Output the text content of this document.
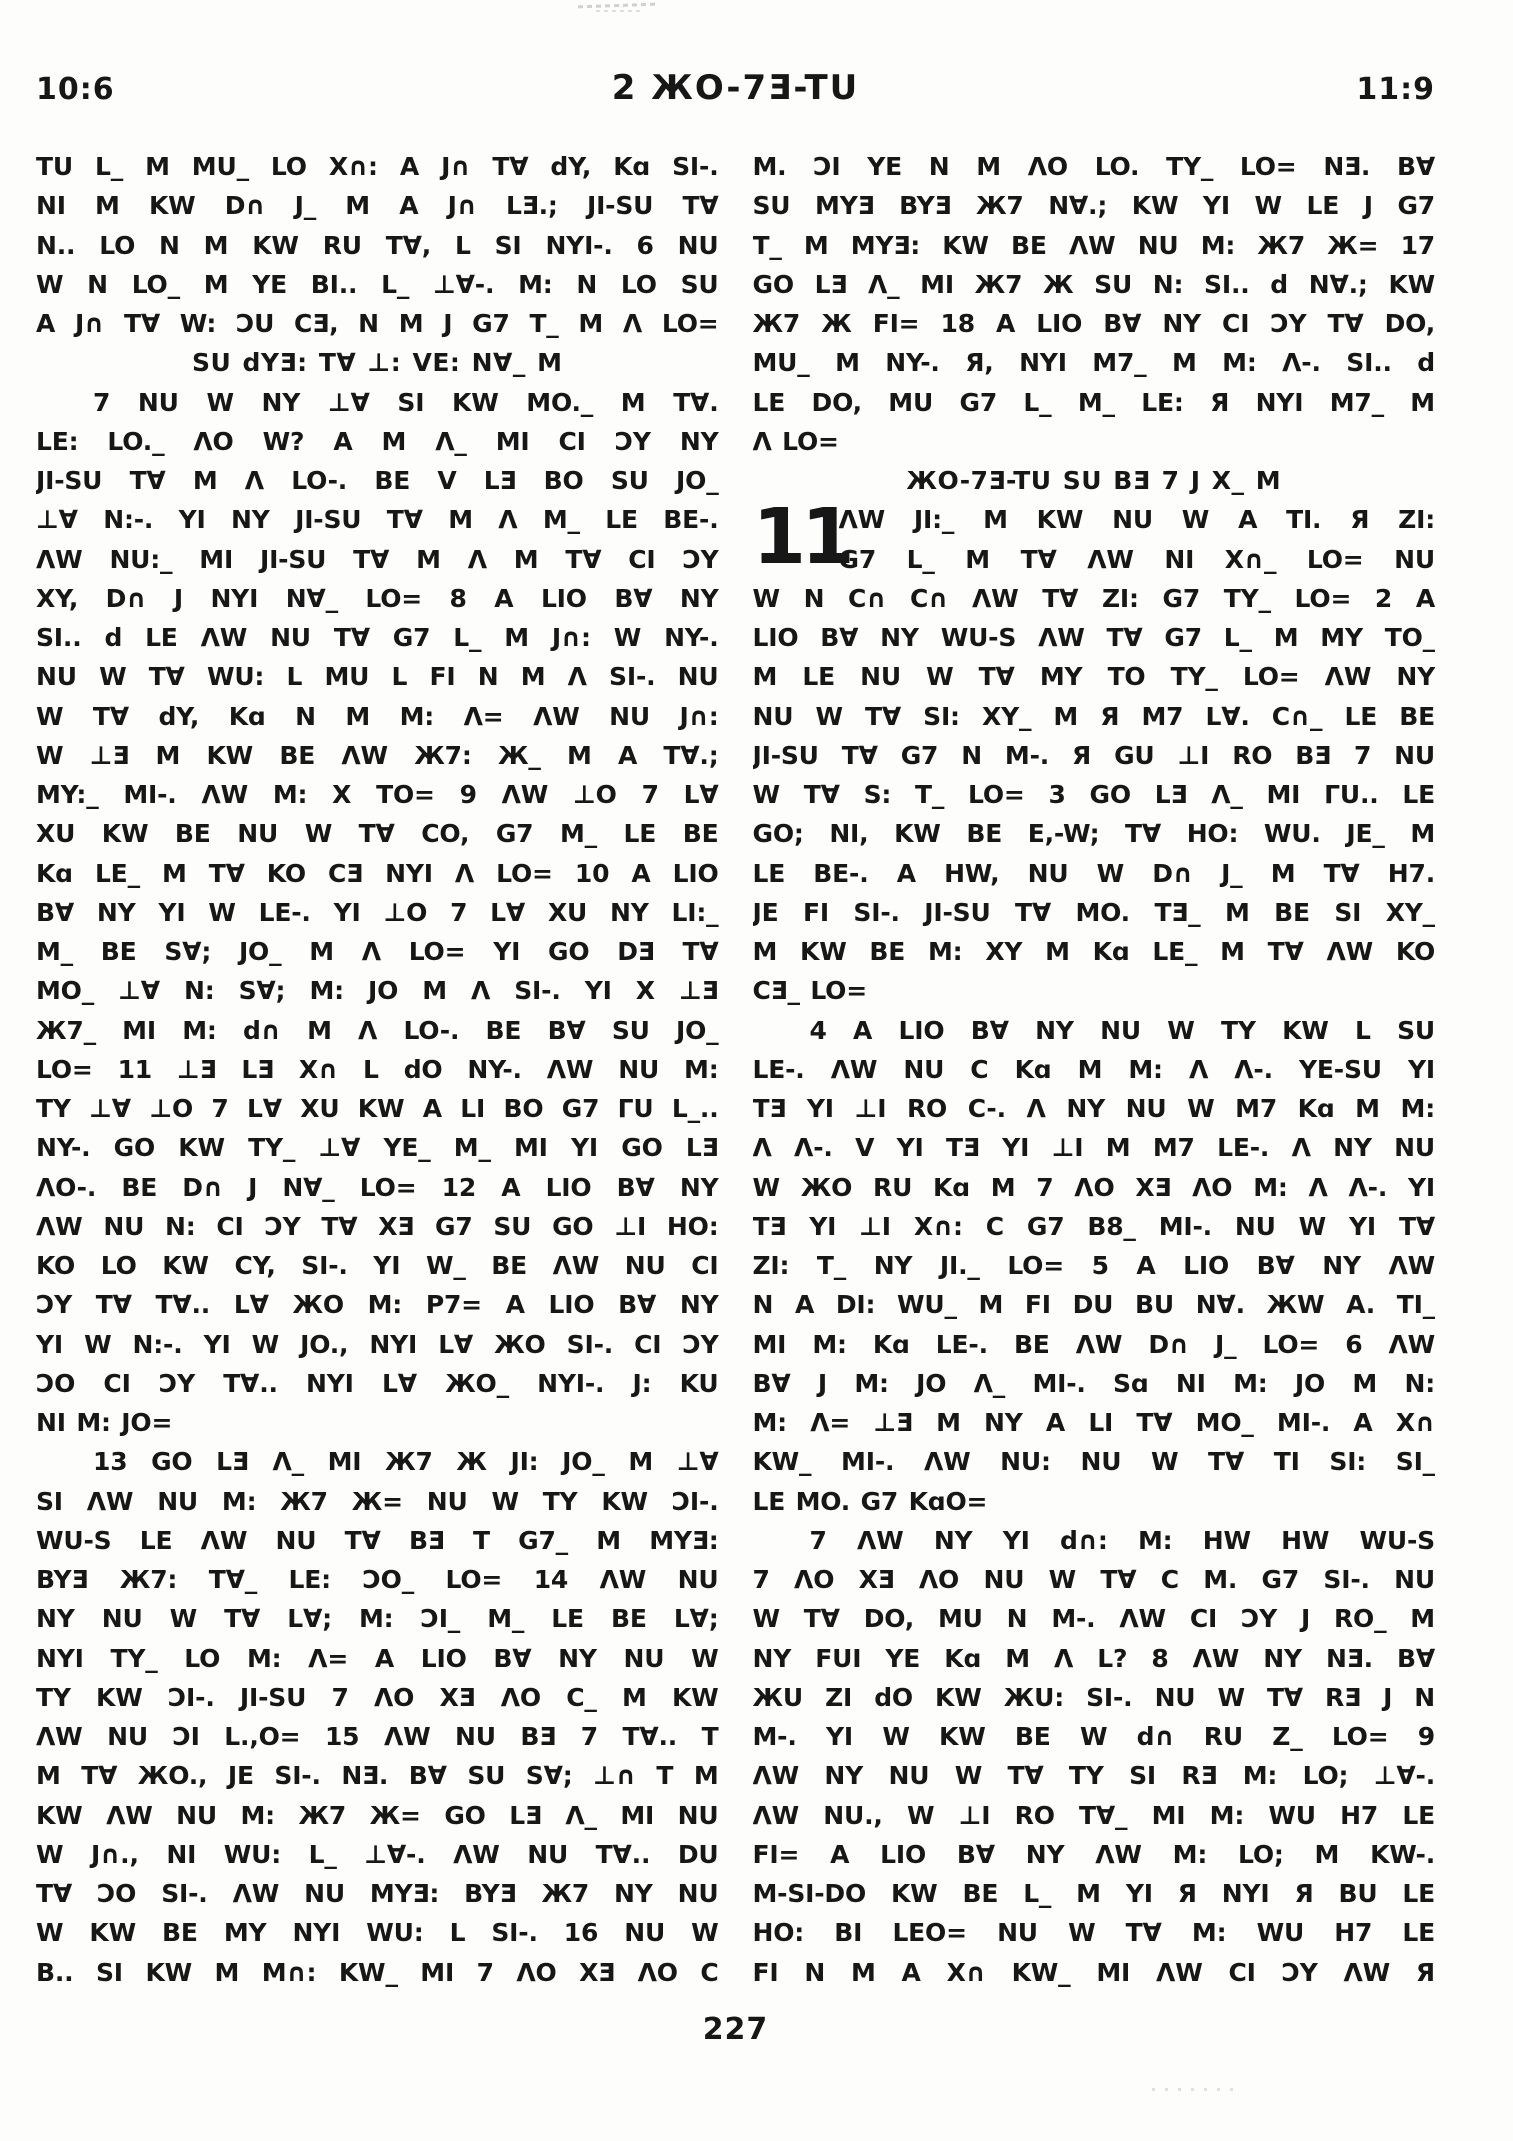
10:6	2 ЖO-7Ǝ-TU	11:9
TU L_ M MU_ LO X∩: A J∩ T∀ dY, Kɑ SI-.
NI M KW D∩ J_ M A J∩ LƎ.; JI-SU T∀
N.. LO N M KW RU T∀, L SI NYI-. 6 NU
W N LO_ M YE BI.. L_ ⊥∀-. M: N LO SU
A J∩ T∀ W: ƆU CƎ, N M J G7 T_ M Λ LO=
SU dYƎ: T∀ ⊥: VE: N∀_ M
7 NU W NY ⊥∀ SI KW MO._ M T∀.
LE: LO._ ΛO W? A M Λ_ MI CI ƆY NY
JI-SU T∀ M Λ LO-. BE V LƎ BO SU JO_
⊥∀ N:-. YI NY JI-SU T∀ M Λ M_ LE BE-.
ΛW NU:_ MI JI-SU T∀ M Λ M T∀ CI ƆY
XY, D∩ J NYI N∀_ LO= 8 A LIO B∀ NY
SI.. d LE ΛW NU T∀ G7 L_ M J∩: W NY-.
NU W T∀ WU: L MU L FI N M Λ SI-. NU
W T∀ dY, Kɑ N M M: Λ= ΛW NU J∩:
W ⊥Ǝ M KW BE ΛW Ж7: Ж_ M A T∀.;
MY:_ MI-. ΛW M: X TO= 9 ΛW ⊥O 7 L∀
XU KW BE NU W T∀ CO, G7 M_ LE BE
Kɑ LE_ M T∀ KO CƎ NYI Λ LO= 10 A LIO
B∀ NY YI W LE-. YI ⊥O 7 L∀ XU NY LI:_
M_ BE S∀; JO_ M Λ LO= YI GO DƎ T∀
MO_ ⊥∀ N: S∀; M: JO M Λ SI-. YI X ⊥Ǝ
Ж7_ MI M: d∩ M Λ LO-. BE B∀ SU JO_
LO= 11 ⊥Ǝ LƎ X∩ L dO NY-. ΛW NU M:
TY ⊥∀ ⊥O 7 L∀ XU KW A LI BO G7 ΓU L_..
NY-. GO KW TY_ ⊥∀ YE_ M_ MI YI GO LƎ
ΛO-. BE D∩ J N∀_ LO= 12 A LIO B∀ NY
ΛW NU N: CI ƆY T∀ XƎ G7 SU GO ⊥I HO:
KO LO KW CY, SI-. YI W_ BE ΛW NU CI
ƆY T∀ T∀.. L∀ ЖO M: P7= A LIO B∀ NY
YI W N:-. YI W JO., NYI L∀ ЖO SI-. CI ƆY
ƆO CI ƆY T∀.. NYI L∀ ЖO_ NYI-. J: KU
NI M: JO=
13 GO LƎ Λ_ MI Ж7 Ж JI: JO_ M ⊥∀
SI ΛW NU M: Ж7 Ж= NU W TY KW ƆI-.
WU-S LE ΛW NU T∀ BƎ T G7_ M MYƎ:
BYƎ Ж7: T∀_ LE: ƆO_ LO= 14 ΛW NU
NY NU W T∀ L∀; M: ƆI_ M_ LE BE L∀;
NYI TY_ LO M: Λ= A LIO B∀ NY NU W
TY KW ƆI-. JI-SU 7 ΛO XƎ ΛO C_ M KW
ΛW NU ƆI L.,O= 15 ΛW NU BƎ 7 T∀.. T
M T∀ ЖO., JE SI-. NƎ. B∀ SU S∀; ⊥∩ T M
KW ΛW NU M: Ж7 Ж= GO LƎ Λ_ MI NU
W J∩., NI WU: L_ ⊥∀-. ΛW NU T∀.. DU
T∀ ƆO SI-. ΛW NU MYƎ: BYƎ Ж7 NY NU
W KW BE MY NYI WU: L SI-. 16 NU W
B.. SI KW M M∩: KW_ MI 7 ΛO XƎ ΛO C
M. ƆI YE N M ΛO LO. TY_ LO= NƎ. B∀
SU MYƎ BYƎ Ж7 N∀.; KW YI W LE J G7
T_ M MYƎ: KW BE ΛW NU M: Ж7 Ж= 17
GO LƎ Λ_ MI Ж7 Ж SU N: SI.. d N∀.; KW
Ж7 Ж FI= 18 A LIO B∀ NY CI ƆY T∀ DO,
MU_ M NY-. Я, NYI M7_ M M: Λ-. SI.. d
LE DO, MU G7 L_ M_ LE: Я NYI M7_ M
Λ LO=
ЖO-7Ǝ-TU SU BƎ 7 J X_ M
11
ΛW JI:_ M KW NU W A TI. Я ZI:
G7 L_ M T∀ ΛW NI X∩_ LO= NU
W N C∩ C∩ ΛW T∀ ZI: G7 TY_ LO= 2 A
LIO B∀ NY WU-S ΛW T∀ G7 L_ M MY TO_
M LE NU W T∀ MY TO TY_ LO= ΛW NY
NU W T∀ SI: XY_ M Я M7 L∀. C∩_ LE BE
JI-SU T∀ G7 N M-. Я GU ⊥I RO BƎ 7 NU
W T∀ S: T_ LO= 3 GO LƎ Λ_ MI ΓU.. LE
GO; NI, KW BE E,-W; T∀ HO: WU. JE_ M
LE BE-. A HW, NU W D∩ J_ M T∀ H7.
JE FI SI-. JI-SU T∀ MO. TƎ_ M BE SI XY_
M KW BE M: XY M Kɑ LE_ M T∀ ΛW KO
CƎ_ LO=
4 A LIO B∀ NY NU W TY KW L SU
LE-. ΛW NU C Kɑ M M: Λ Λ-. YE-SU YI
TƎ YI ⊥I RO C-. Λ NY NU W M7 Kɑ M M:
Λ Λ-. V YI TƎ YI ⊥I M M7 LE-. Λ NY NU
W ЖO RU Kɑ M 7 ΛO XƎ ΛO M: Λ Λ-. YI
TƎ YI ⊥I X∩: C G7 B8_ MI-. NU W YI T∀
ZI: T_ NY JI._ LO= 5 A LIO B∀ NY ΛW
N A DI: WU_ M FI DU BU N∀. ЖW A. TI_
MI M: Kɑ LE-. BE ΛW D∩ J_ LO= 6 ΛW
B∀ J M: JO Λ_ MI-. Sɑ NI M: JO M N:
M: Λ= ⊥Ǝ M NY A LI T∀ MO_ MI-. A X∩
KW_ MI-. ΛW NU: NU W T∀ TI SI: SI_
LE MO. G7 KɑO=
7 ΛW NY YI d∩: M: HW HW WU-S
7 ΛO XƎ ΛO NU W T∀ C M. G7 SI-. NU
W T∀ DO, MU N M-. ΛW CI ƆY J RO_ M
NY FUI YE Kɑ M Λ L? 8 ΛW NY NƎ. B∀
ЖU ZI dO KW ЖU: SI-. NU W T∀ RƎ J N
M-. YI W KW BE W d∩ RU Z_ LO= 9
ΛW NY NU W T∀ TY SI RƎ M: LO; ⊥∀-.
ΛW NU., W ⊥I RO T∀_ MI M: WU H7 LE
FI= A LIO B∀ NY ΛW M: LO; M KW-.
M-SI-DO KW BE L_ M YI Я NYI Я BU LE
HO: BI LEO= NU W T∀ M: WU H7 LE
FI N M A X∩ KW_ MI ΛW CI ƆY ΛW Я
227
